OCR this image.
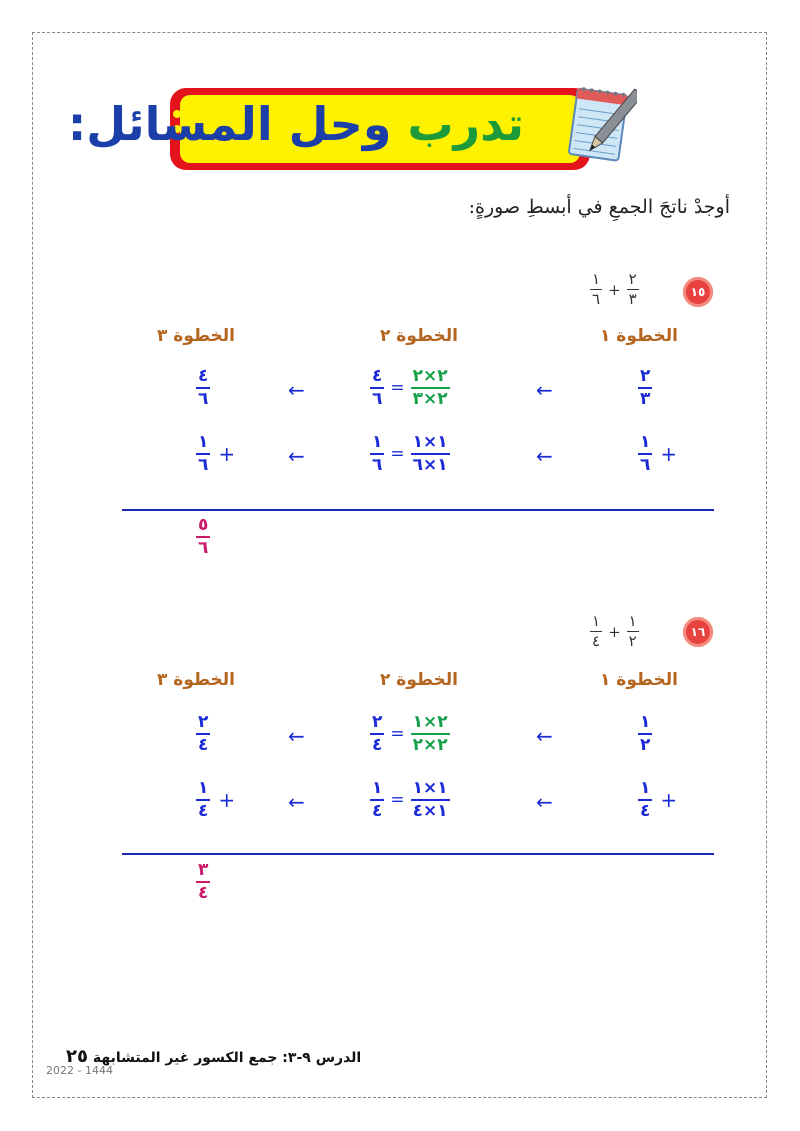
تدرب وحل المسائل:
أوجدْ ناتجَ الجمعِ في أبسطِ صورةٍ:
١٥
$\frac{١}{٦} + \frac{٢}{٣}$
الخطوة ١
الخطوة ٢
الخطوة ٣
$\frac{٢}{٣}$
←
$\frac{٤}{٦} = \frac{٢\times ٢}{٢\times ٣}$
←
$\frac{٤}{٦}$
$\frac{١}{٦}$ +
←
$\frac{١}{٦} = \frac{١\times ١}{١\times ٦}$
←
$\frac{١}{٦}$ +
$\frac{٥}{٦}$
١٦
$\frac{١}{٤} + \frac{١}{٢}$
الخطوة ١
الخطوة ٢
الخطوة ٣
$\frac{١}{٢}$
←
$\frac{٢}{٤} = \frac{٢\times ١}{٢\times ٢}$
←
$\frac{٢}{٤}$
$\frac{١}{٤}$ +
←
$\frac{١}{٤} = \frac{١\times ١}{١\times ٤}$
←
$\frac{١}{٤}$ +
$\frac{٣}{٤}$
الدرس ٩-٣: جمع الكسور غير المتشابهة ٢٥
2022 - 1444
